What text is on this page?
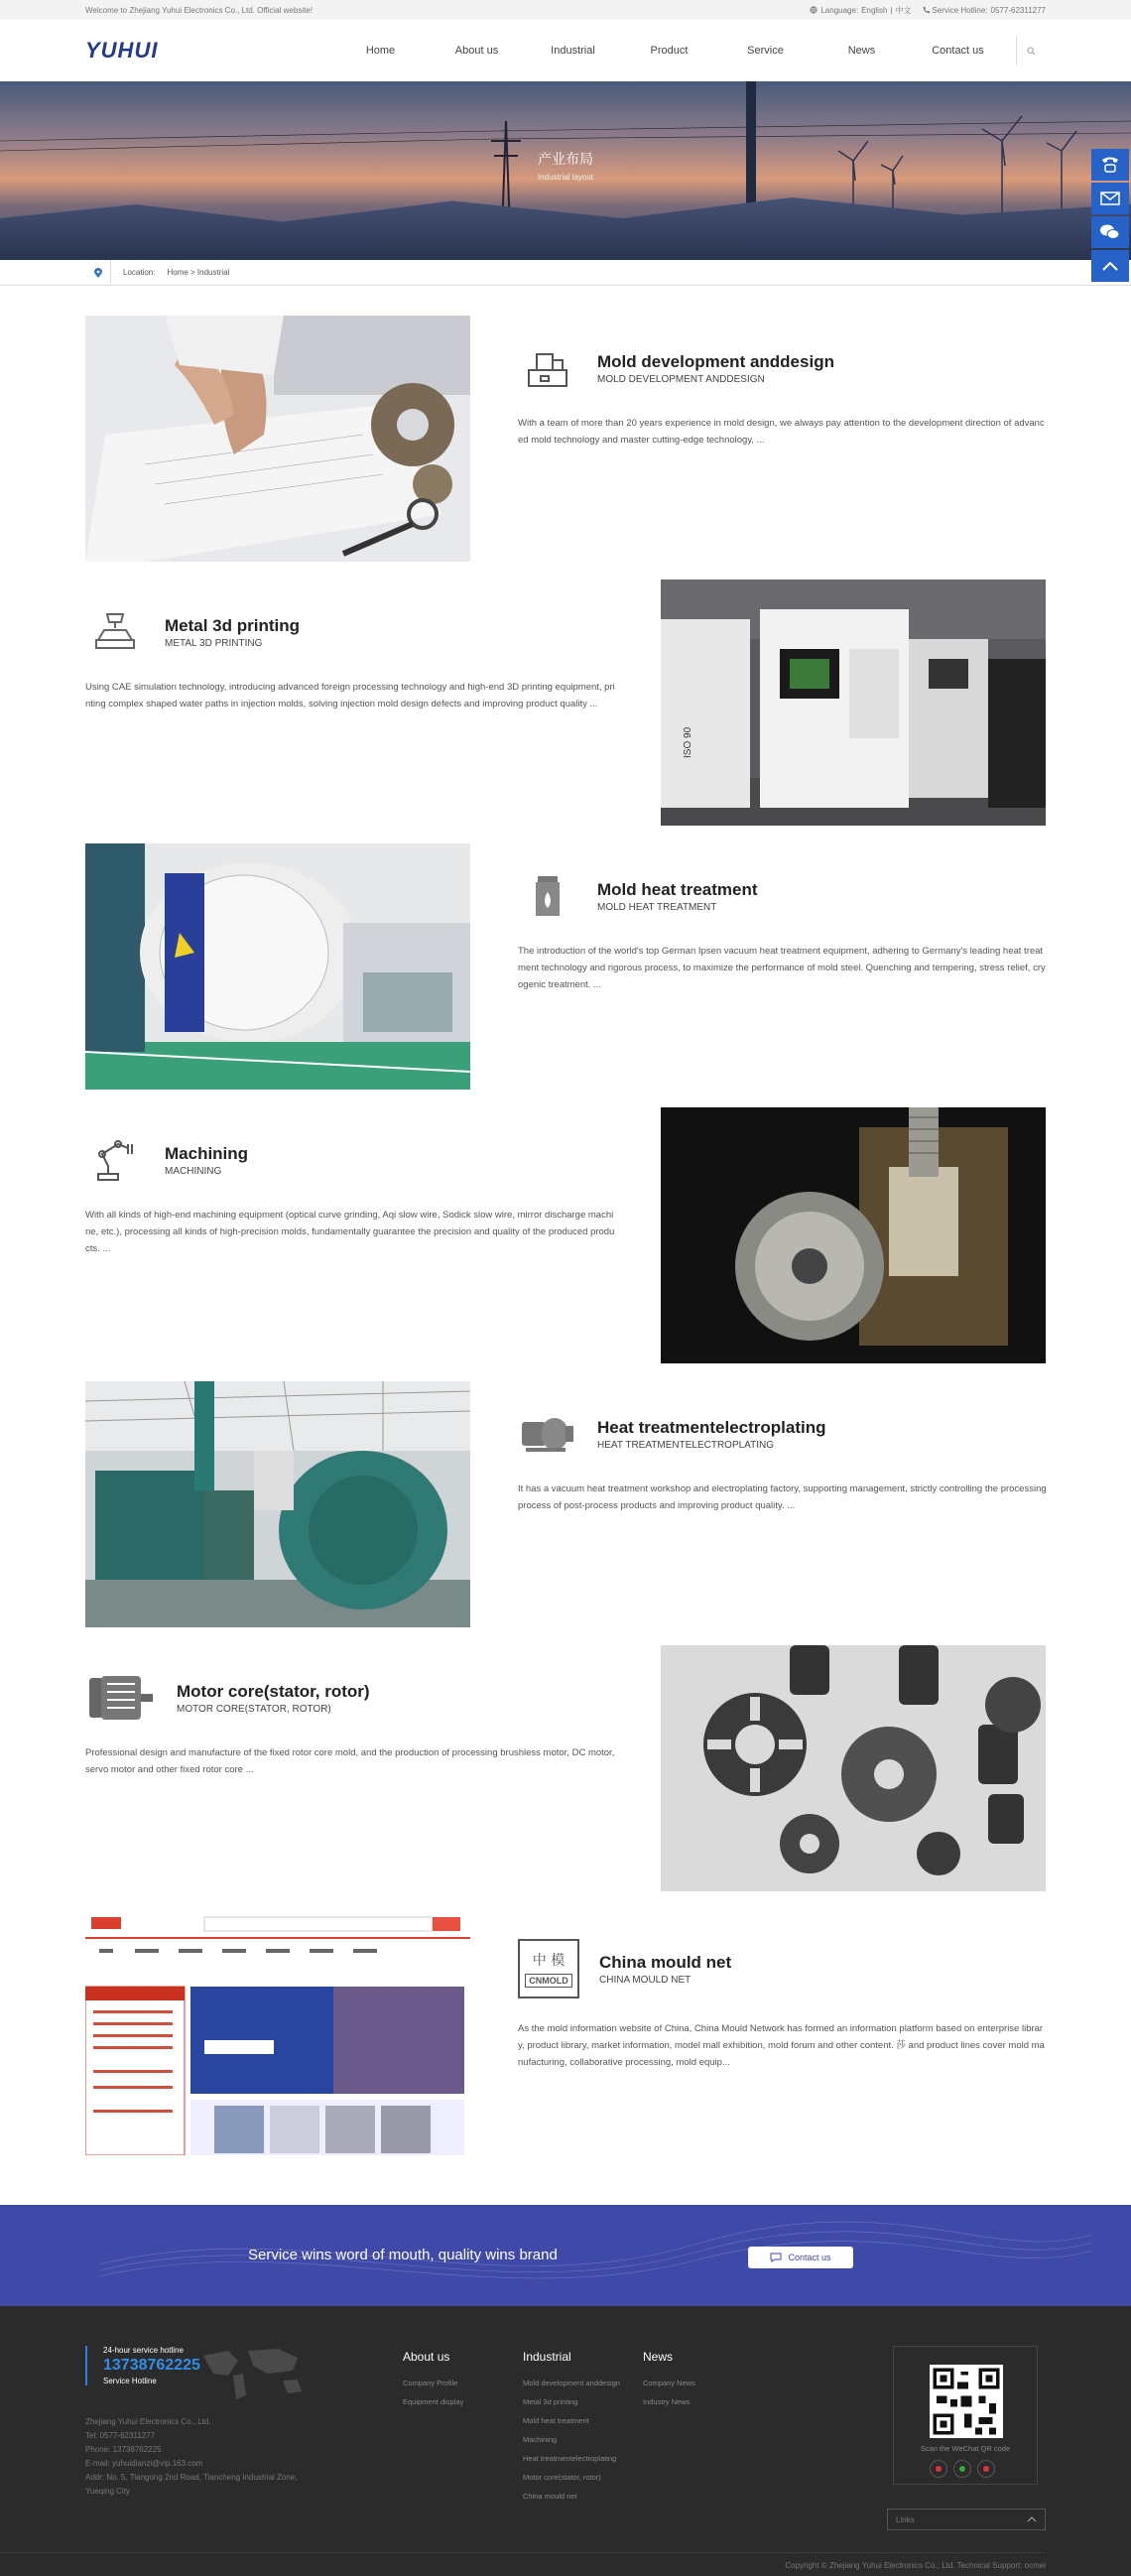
Welcome to Zhejiang Yuhui Electronics Co., Ltd. Official website!	Language: English | 中文	Service Hotline: 0577-62311277
YUHUI	Home	About us	Industrial	Product	Service	News	Contact us
产业布局
Industrial layout
Location: Home > Industrial
Mold development anddesign
MOLD DEVELOPMENT ANDDESIGN

With a team of more than 20 years experience in mold design, we always pay attention to the development direction of advanced mold technology and master cutting-edge technology, ...

Metal 3d printing
METAL 3D PRINTING

Using CAE simulation technology, introducing advanced foreign processing technology and high-end 3D printing equipment, printing complex shaped water paths in injection molds, solving injection mold design defects and improving product quality ...

ISO 90
Mold heat treatment
MOLD HEAT TREATMENT

The introduction of the world's top German Ipsen vacuum heat treatment equipment, adhering to Germany's leading heat treatment technology and rigorous process, to maximize the performance of mold steel. Quenching and tempering, stress relief, cryogenic treatment. ...

Machining
MACHINING

With all kinds of high-end machining equipment (optical curve grinding, Aqi slow wire, Sodick slow wire, mirror discharge machine, etc.), processing all kinds of high-precision molds, fundamentally guarantee the precision and quality of the produced products. ...

Heat treatmentelectroplating
HEAT TREATMENTELECTROPLATING

It has a vacuum heat treatment workshop and electroplating factory, supporting management, strictly controlling the processing process of post-process products and improving product quality. ...

Motor core(stator, rotor)
MOTOR CORE(STATOR, ROTOR)

Professional design and manufacture of the fixed rotor core mold, and the production of processing brushless motor, DC motor, servo motor and other fixed rotor core ...

中 模
CNMOLD
China mould net
CHINA MOULD NET

As the mold information website of China, China Mould Network has formed an information platform based on enterprise library, product library, market information, model mall exhibition, mold forum and other content. 莎 and product lines cover mold manufacturing, collaborative processing, mold equip...

Service wins word of mouth, quality wins brand	Contact us
24-hour service hotline
13738762225
Service Hotline
Zhejiang Yuhui Electronics Co., Ltd.
Tel: 0577-62311277
Phone: 13738762225
E-mail: yuhuidianzi@vip.163.com
Addr: No. 5, Tiangong 2nd Road, Tiancheng Industrial Zone, Yueqing City
About us
Company Profile
Equipment display
Industrial
Mold development anddesign
Metal 3d printing
Mold heat treatment
Machining
Heat treatmentelectroplating
Motor core(stator, rotor)
China mould net
News
Company News
Industry News
Scan the WeChat QR code
Links
Copyright © Zhejiang Yuhui Electronics Co., Ltd. Technical Support: ocmei
